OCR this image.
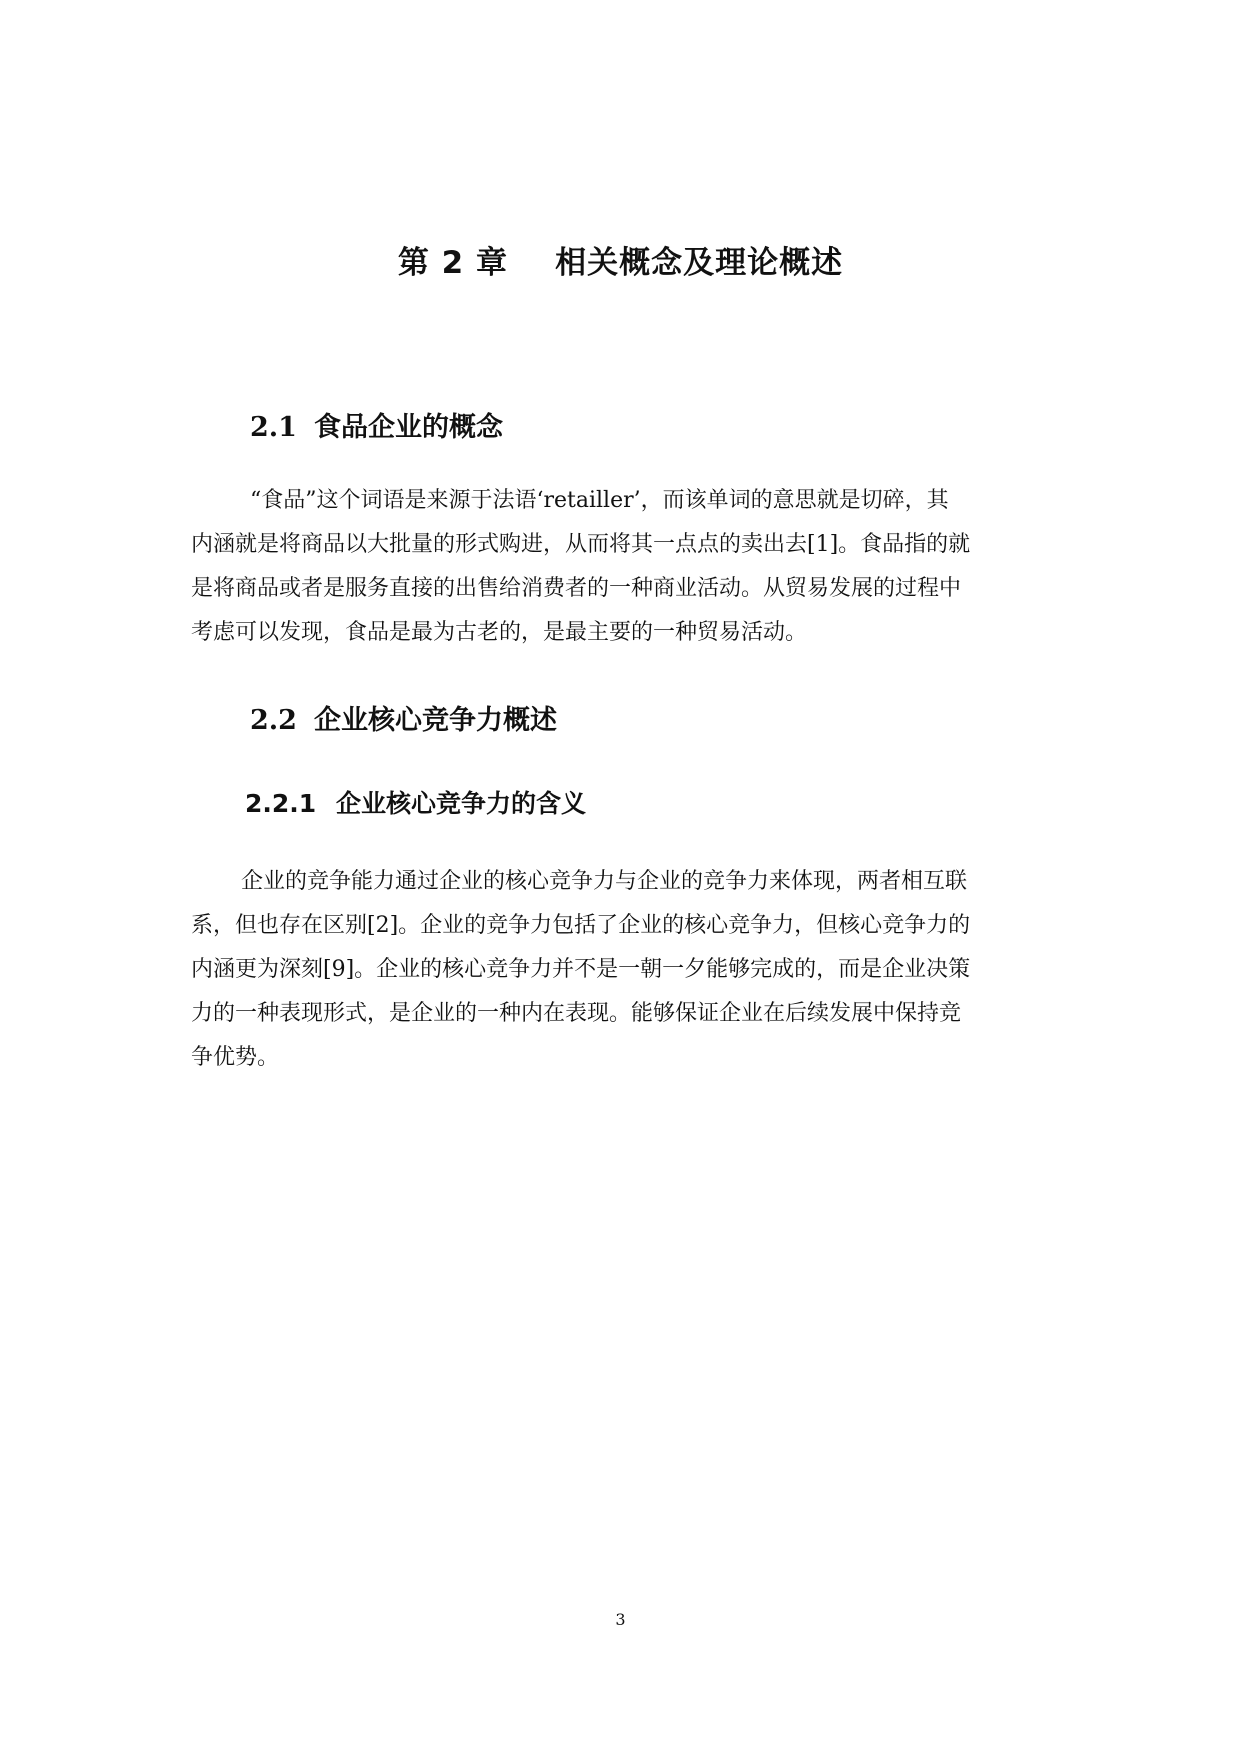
第 2 章    相关概念及理论概述
2.1 食品企业的概念
“食品”这个词语是来源于法语‘retailler’，而该单词的意思就是切碎，其
内涵就是将商品以大批量的形式购进，从而将其一点点的卖出去[1]。食品指的就
是将商品或者是服务直接的出售给消费者的一种商业活动。从贸易发展的过程中
考虑可以发现，食品是最为古老的，是最主要的一种贸易活动。
2.2 企业核心竞争力概述
2.2.1 企业核心竞争力的含义
企业的竞争能力通过企业的核心竞争力与企业的竞争力来体现，两者相互联
系，但也存在区别[2]。企业的竞争力包括了企业的核心竞争力，但核心竞争力的
内涵更为深刻[9]。企业的核心竞争力并不是一朝一夕能够完成的，而是企业决策
力的一种表现形式，是企业的一种内在表现。能够保证企业在后续发展中保持竞
争优势。

3
